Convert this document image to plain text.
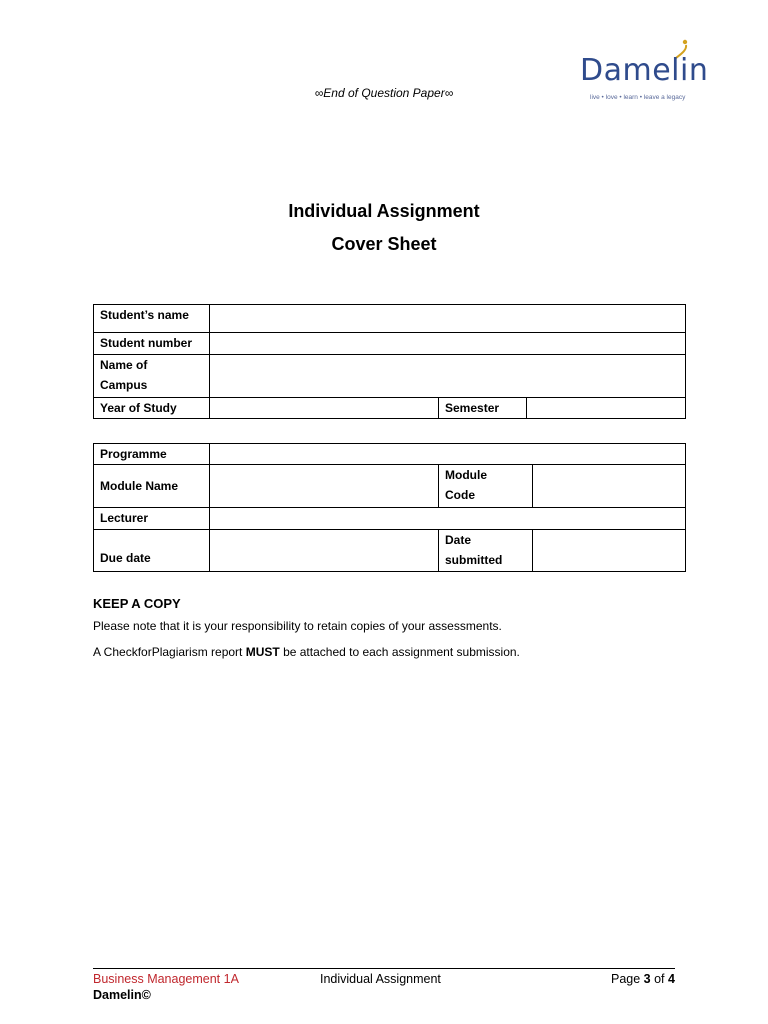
∞End of Question Paper∞
Damelin
live • love • learn • leave a legacy
Individual Assignment
Cover Sheet
Student’s name			
Student number			
Name of
Campus			
Year of Study		Semester	
Programme			
Module Name		Module
Code	
Lecturer			
Due date		Date
submitted	
KEEP A COPY
Please note that it is your responsibility to retain copies of your assessments.
A CheckforPlagiarism report MUST be attached to each assignment submission.
Business Management 1A	Individual Assignment	Page 3 of 4
Damelin©
